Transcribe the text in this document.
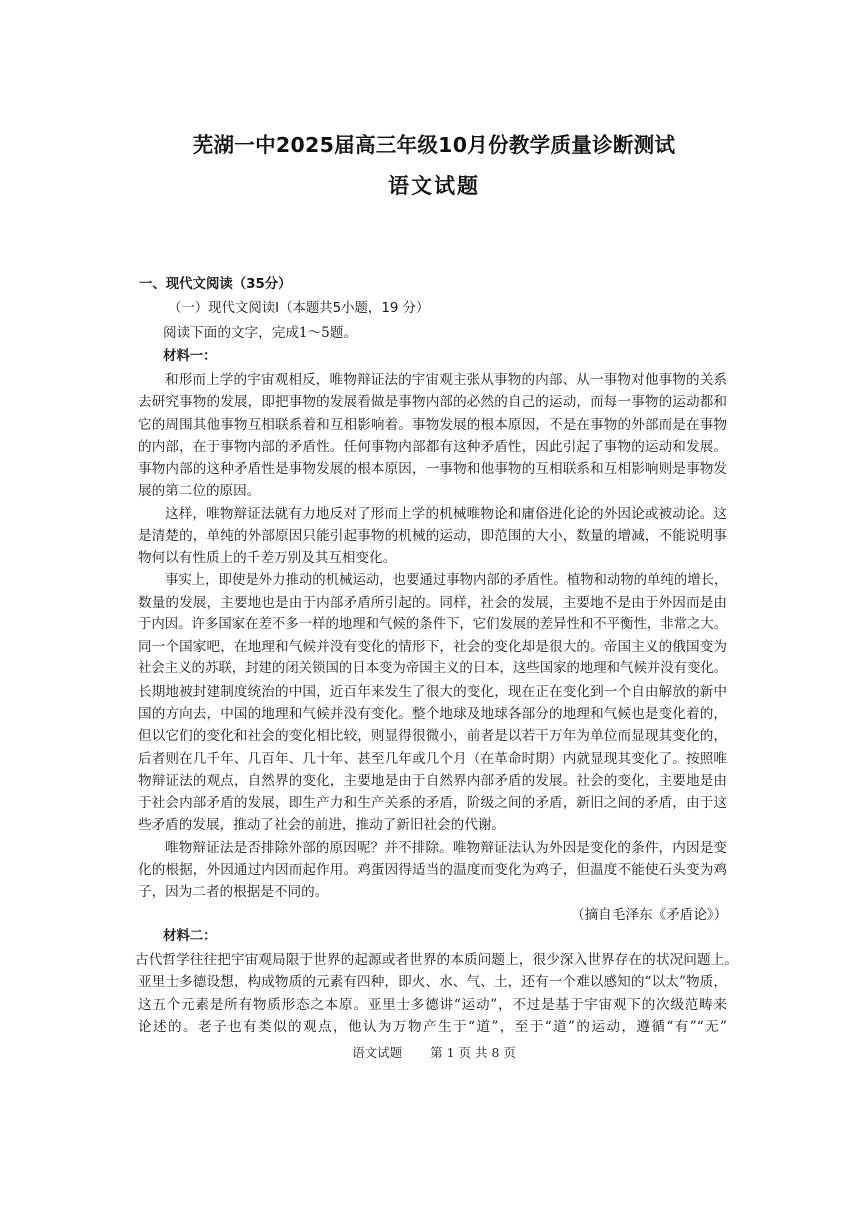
芜湖一中2025届高三年级10月份教学质量诊断测试
语文试题
一、现代文阅读（35分）
（一）现代文阅读Ⅰ（本题共5小题，19 分）
阅读下面的文字，完成1～5题。
材料一：
和形而上学的宇宙观相反，唯物辩证法的宇宙观主张从事物的内部、从一事物对他事物的关系
去研究事物的发展，即把事物的发展看做是事物内部的必然的自己的运动，而每一事物的运动都和
它的周围其他事物互相联系着和互相影响着。事物发展的根本原因，不是在事物的外部而是在事物
的内部，在于事物内部的矛盾性。任何事物内部都有这种矛盾性，因此引起了事物的运动和发展。
事物内部的这种矛盾性是事物发展的根本原因，一事物和他事物的互相联系和互相影响则是事物发
展的第二位的原因。
这样，唯物辩证法就有力地反对了形而上学的机械唯物论和庸俗进化论的外因论或被动论。这
是清楚的，单纯的外部原因只能引起事物的机械的运动，即范围的大小，数量的增减，不能说明事
物何以有性质上的千差万别及其互相变化。
事实上，即使是外力推动的机械运动，也要通过事物内部的矛盾性。植物和动物的单纯的增长，
数量的发展，主要地也是由于内部矛盾所引起的。同样，社会的发展，主要地不是由于外因而是由
于内因。许多国家在差不多一样的地理和气候的条件下，它们发展的差异性和不平衡性，非常之大。
同一个国家吧，在地理和气候并没有变化的情形下，社会的变化却是很大的。帝国主义的俄国变为
社会主义的苏联，封建的闭关锁国的日本变为帝国主义的日本，这些国家的地理和气候并没有变化。
长期地被封建制度统治的中国，近百年来发生了很大的变化，现在正在变化到一个自由解放的新中
国的方向去，中国的地理和气候并没有变化。整个地球及地球各部分的地理和气候也是变化着的，
但以它们的变化和社会的变化相比较，则显得很微小，前者是以若干万年为单位而显现其变化的，
后者则在几千年、几百年、几十年、甚至几年或几个月（在革命时期）内就显现其变化了。按照唯
物辩证法的观点，自然界的变化，主要地是由于自然界内部矛盾的发展。社会的变化，主要地是由
于社会内部矛盾的发展，即生产力和生产关系的矛盾，阶级之间的矛盾，新旧之间的矛盾，由于这
些矛盾的发展，推动了社会的前进，推动了新旧社会的代谢。
唯物辩证法是否排除外部的原因呢？并不排除。唯物辩证法认为外因是变化的条件，内因是变
化的根据，外因通过内因而起作用。鸡蛋因得适当的温度而变化为鸡子，但温度不能使石头变为鸡
子，因为二者的根据是不同的。
（摘自毛泽东《矛盾论》）
材料二：
古代哲学往往把宇宙观局限于世界的起源或者世界的本质问题上，很少深入世界存在的状况问题上。
亚里士多德设想，构成物质的元素有四种，即火、水、气、土，还有一个难以感知的“以太”物质，
这五个元素是所有物质形态之本原。亚里士多德讲“运动”，不过是基于宇宙观下的次级范畴来
论述的。老子也有类似的观点，他认为万物产生于“道”，至于“道”的运动，遵循“有”“无”
语文试题 第 1 页 共 8 页
